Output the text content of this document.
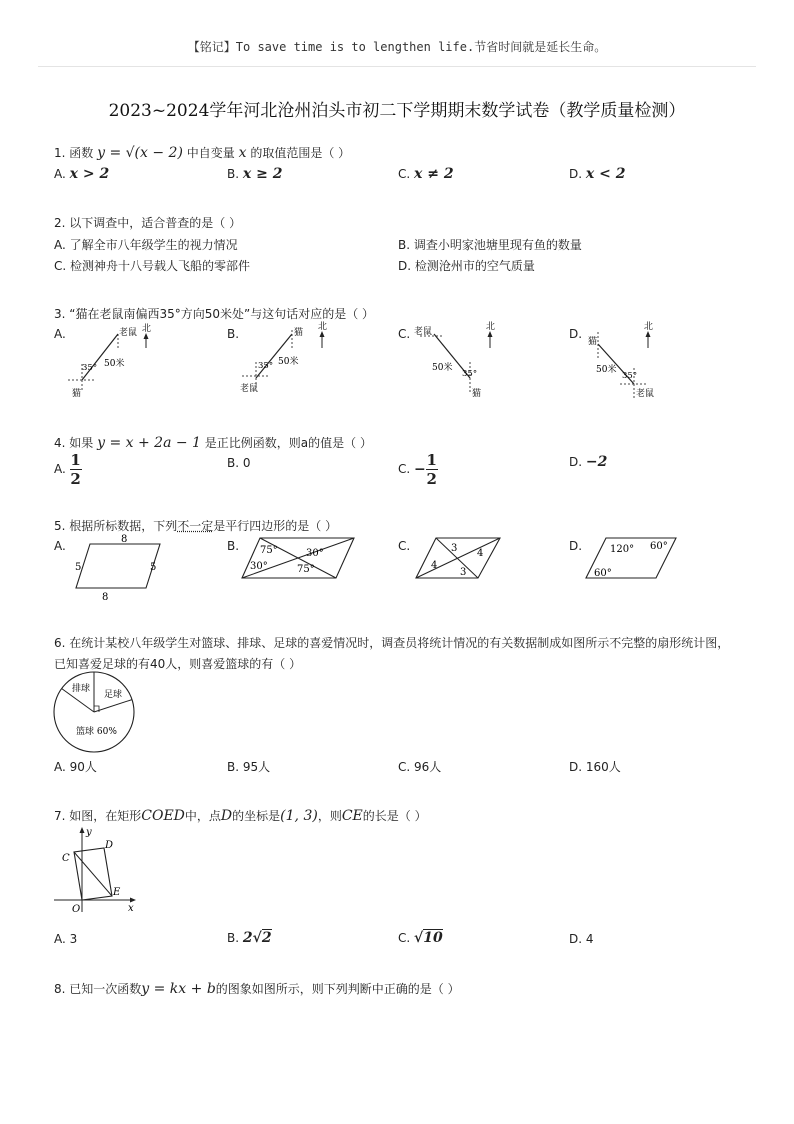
【铭记】To save time is to lengthen life.节省时间就是延长生命。
2023~2024学年河北沧州泊头市初二下学期期末数学试卷（教学质量检测）
1. 函数 y = √(x − 2) 中自变量 x 的取值范围是（ ）
A. x > 2	B. x ≥ 2	C. x ≠ 2	D. x < 2
2. 以下调查中，适合普查的是（ ）
A. 了解全市八年级学生的视力情况	B. 调查小明家池塘里现有鱼的数量
C. 检测神舟十八号载人飞船的零部件	D. 检测沧州市的空气质量
3. “猫在老鼠南偏西35°方向50米处”与这句话对应的是（ ）
A.	B.	C.	D.
北
老鼠
猫
50米
35°
北
猫
老鼠
50米
35°
北
老鼠
猫
50米
35°
北
猫
老鼠
50米
35°
4. 如果 y = x + 2a − 1 是正比例函数，则a的值是（ ）
A. $\frac{1}{2}$	B. 0	C. − $\frac{1}{2}$	D. −2
5. 根据所标数据，下列不一定是平行四边形的是（ ）
A.	B.	C.	D.
8
8
5	5
75°	30°
30°	75°
3 4
4
3
120° 60°
60°
6. 在统计某校八年级学生对篮球、排球、足球的喜爱情况时，调查员将统计情况的有关数据制成如图所示不完整的扇形统计图，
已知喜爱足球的有40人，则喜爱篮球的有（ ）
排球
足球
篮球 60%
A. 90人	B. 95人	C. 96人	D. 160人
7. 如图，在矩形COED中，点D的坐标是(1, 3)，则CE的长是（ ）
y
x
O
C
D
E
A. 3	B. 2√2	C. √10	D. 4
8. 已知一次函数y = kx + b的图象如图所示，则下列判断中正确的是（ ）
